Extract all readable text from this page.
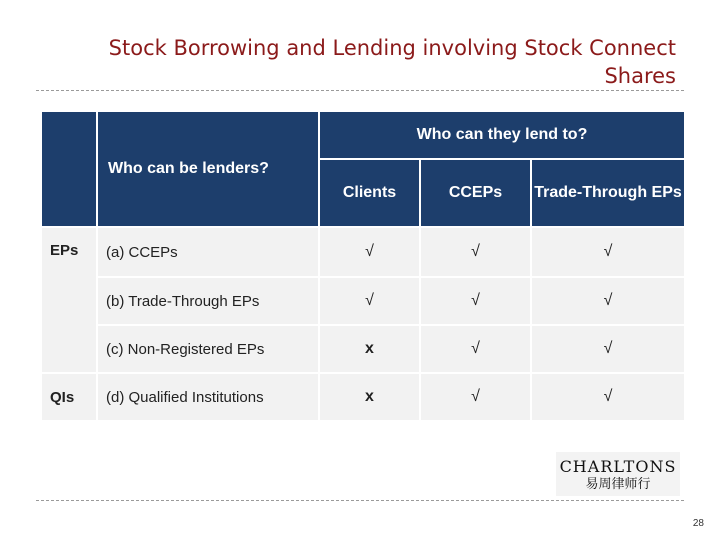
Stock Borrowing and Lending involving Stock Connect Shares
	Who can be lenders?	Who can they lend to?		
		Clients	CCEPs	Trade-Through EPs
EPs	(a) CCEPs	√	√	√
	(b) Trade-Through EPs	√	√	√
	(c) Non-Registered EPs	x	√	√
QIs	(d) Qualified Institutions	x	√	√
CHARLTONS
易周律师行
28
